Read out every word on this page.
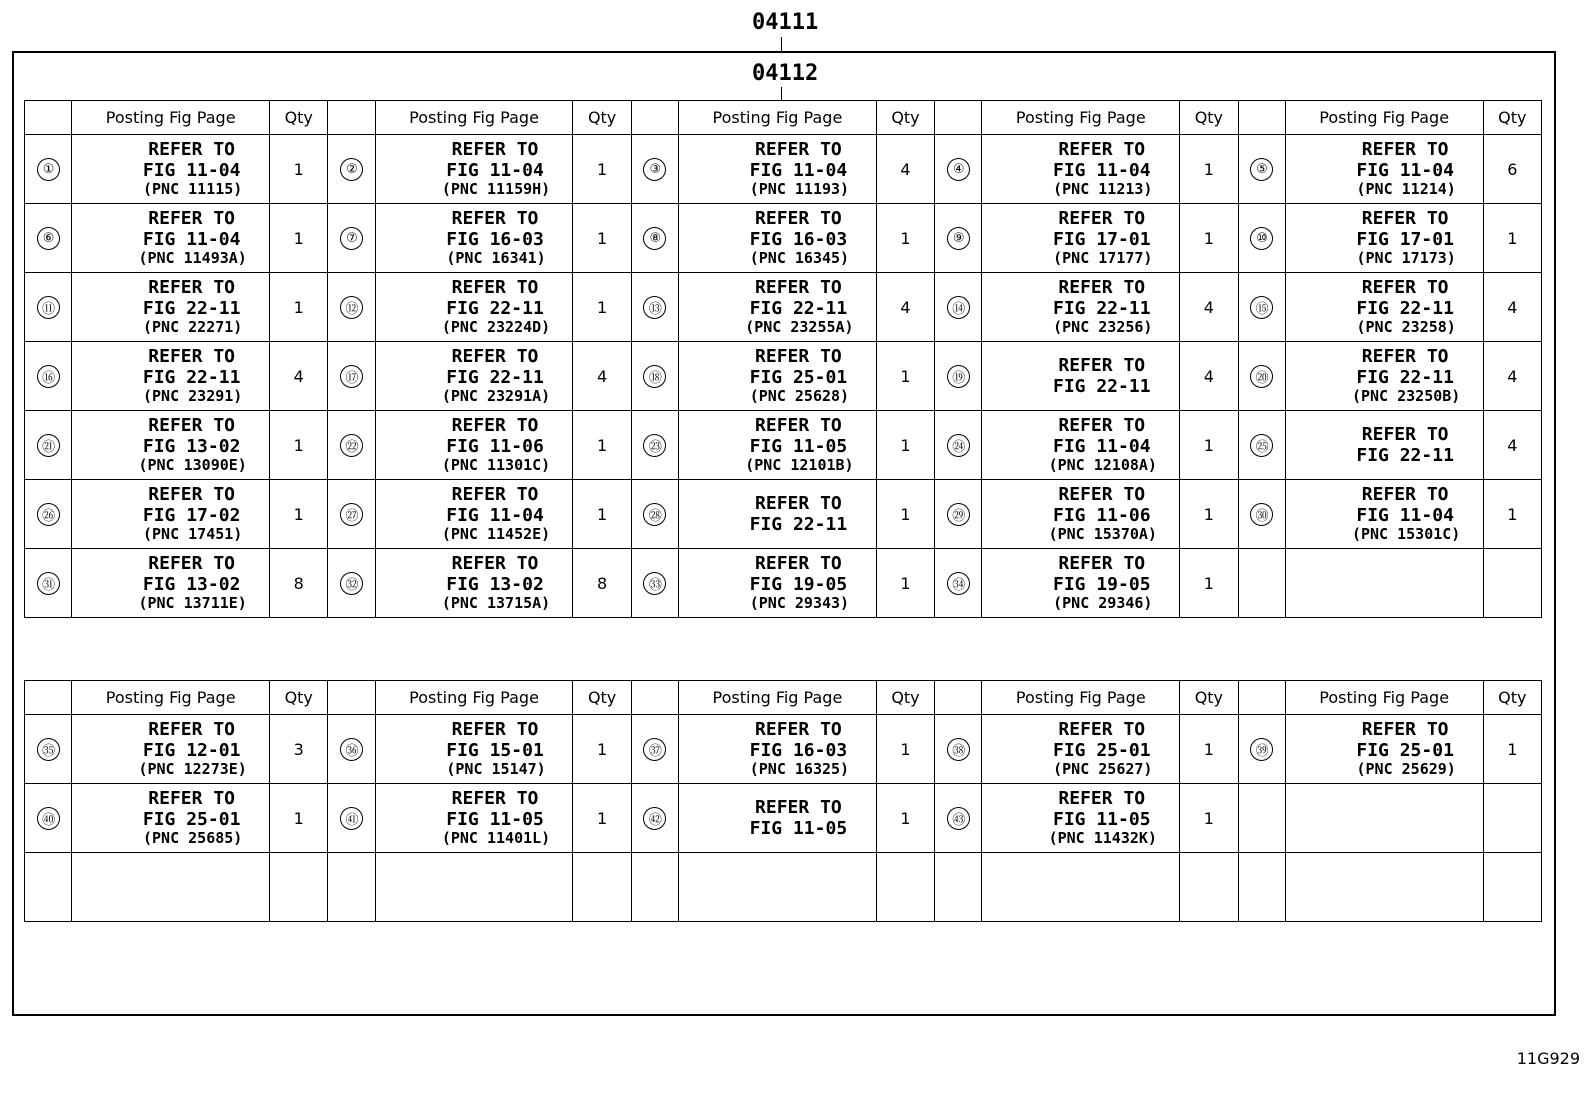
04111
04112
	Posting Fig Page	Qty		Posting Fig Page	Qty		Posting Fig Page	Qty		Posting Fig Page	Qty		Posting Fig Page	Qty
①	REFER TO
FIG 11-04
(PNC 11115)	1	②	REFER TO
FIG 11-04
(PNC 11159H)	1	③	REFER TO
FIG 11-04
(PNC 11193)	4	④	REFER TO
FIG 11-04
(PNC 11213)	1	⑤	REFER TO
FIG 11-04
(PNC 11214)	6
⑥	REFER TO
FIG 11-04
(PNC 11493A)	1	⑦	REFER TO
FIG 16-03
(PNC 16341)	1	⑧	REFER TO
FIG 16-03
(PNC 16345)	1	⑨	REFER TO
FIG 17-01
(PNC 17177)	1	⑩	REFER TO
FIG 17-01
(PNC 17173)	1
⑪	REFER TO
FIG 22-11
(PNC 22271)	1	⑫	REFER TO
FIG 22-11
(PNC 23224D)	1	⑬	REFER TO
FIG 22-11
(PNC 23255A)	4	⑭	REFER TO
FIG 22-11
(PNC 23256)	4	⑮	REFER TO
FIG 22-11
(PNC 23258)	4
⑯	REFER TO
FIG 22-11
(PNC 23291)	4	⑰	REFER TO
FIG 22-11
(PNC 23291A)	4	⑱	REFER TO
FIG 25-01
(PNC 25628)	1	⑲	REFER TO
FIG 22-11	4	⑳	REFER TO
FIG 22-11
(PNC 23250B)	4
㉑	REFER TO
FIG 13-02
(PNC 13090E)	1	㉒	REFER TO
FIG 11-06
(PNC 11301C)	1	㉓	REFER TO
FIG 11-05
(PNC 12101B)	1	㉔	REFER TO
FIG 11-04
(PNC 12108A)	1	㉕	REFER TO
FIG 22-11	4
㉖	REFER TO
FIG 17-02
(PNC 17451)	1	㉗	REFER TO
FIG 11-04
(PNC 11452E)	1	㉘	REFER TO
FIG 22-11	1	㉙	REFER TO
FIG 11-06
(PNC 15370A)	1	㉚	REFER TO
FIG 11-04
(PNC 15301C)	1
㉛	REFER TO
FIG 13-02
(PNC 13711E)	8	㉜	REFER TO
FIG 13-02
(PNC 13715A)	8	㉝	REFER TO
FIG 19-05
(PNC 29343)	1	㉞	REFER TO
FIG 19-05
(PNC 29346)	1			
	Posting Fig Page	Qty		Posting Fig Page	Qty		Posting Fig Page	Qty		Posting Fig Page	Qty		Posting Fig Page	Qty
㉟	REFER TO
FIG 12-01
(PNC 12273E)	3	㊱	REFER TO
FIG 15-01
(PNC 15147)	1	㊲	REFER TO
FIG 16-03
(PNC 16325)	1	㊳	REFER TO
FIG 25-01
(PNC 25627)	1	㊴	REFER TO
FIG 25-01
(PNC 25629)	1
㊵	REFER TO
FIG 25-01
(PNC 25685)	1	㊶	REFER TO
FIG 11-05
(PNC 11401L)	1	㊷	REFER TO
FIG 11-05	1	㊸	REFER TO
FIG 11-05
(PNC 11432K)	1			

11G929
